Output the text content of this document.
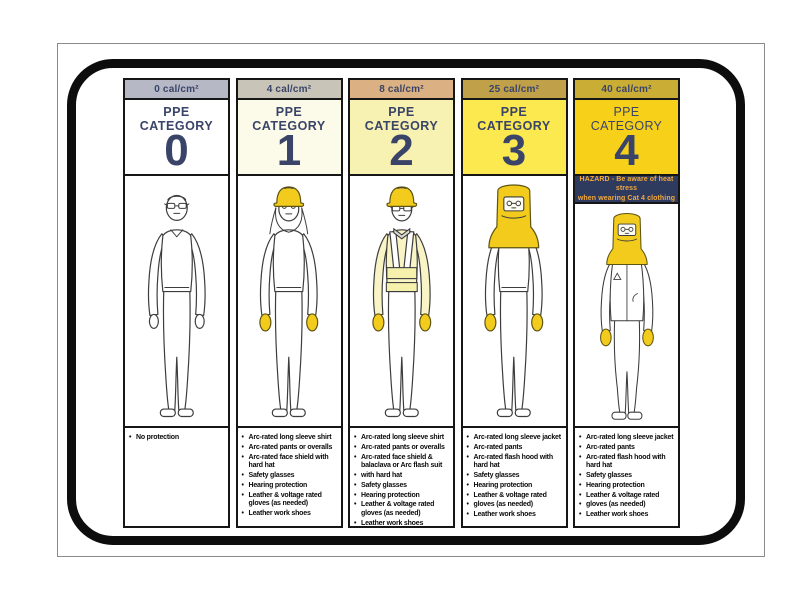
0 cal/cm²
PPE
CATEGORY
0
• No protection
4 cal/cm²
PPE
CATEGORY
1
• Arc-rated long sleeve shirt
• Arc-rated pants or overalls
• Arc-rated face shield with hard hat
• Safety glasses
• Hearing protection
• Leather & voltage rated gloves (as needed)
• Leather work shoes
8 cal/cm²
PPE
CATEGORY
2
• Arc-rated long sleeve shirt
• Arc-rated pants or overalls
• Arc-rated face shield & balaclava or Arc flash suit
• with hard hat
• Safety glasses
• Hearing protection
• Leather & voltage rated gloves (as needed)
• Leather work shoes
25 cal/cm²
PPE
CATEGORY
3
• Arc-rated long sleeve jacket
• Arc-rated pants
• Arc-rated flash hood with hard hat
• Safety glasses
• Hearing protection
• Leather & voltage rated
• gloves (as needed)
• Leather work shoes
40 cal/cm²
PPE
CATEGORY
4
HAZARD - Be aware of heat stress
when wearing Cat 4 clothing
• Arc-rated long sleeve jacket
• Arc-rated pants
• Arc-rated flash hood with hard hat
• Safety glasses
• Hearing protection
• Leather & voltage rated
• gloves (as needed)
• Leather work shoes
